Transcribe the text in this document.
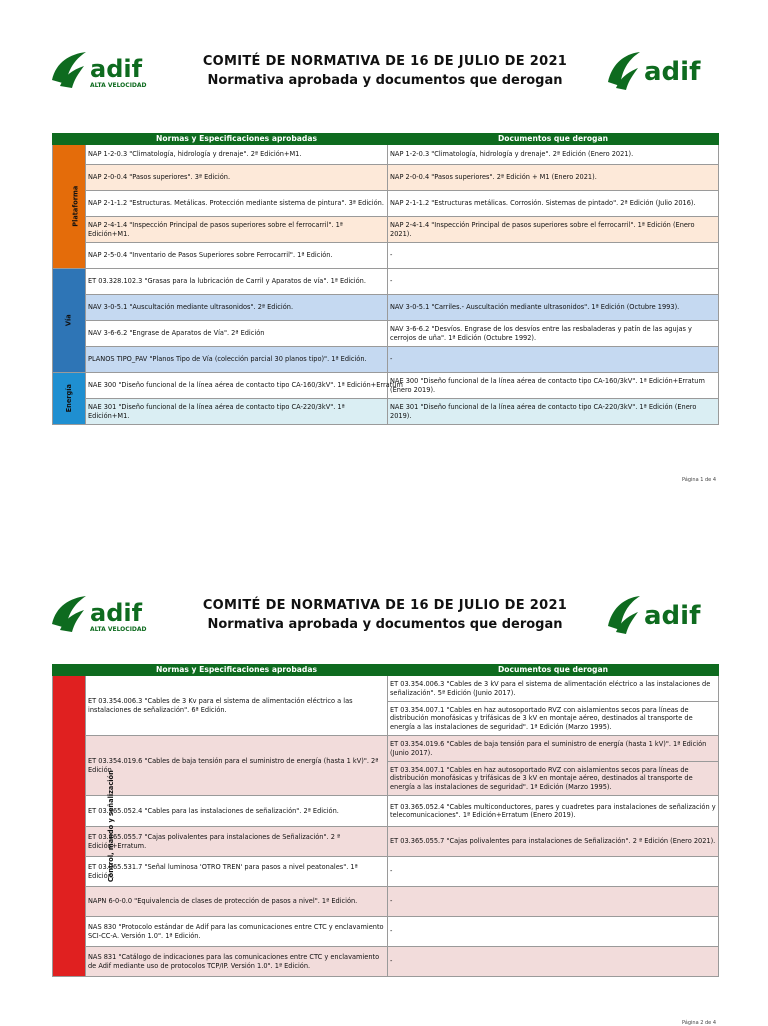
adif
ALTA VELOCIDAD
COMITÉ DE NORMATIVA DE 16 DE JULIO DE 2021
Normativa aprobada y documentos que derogan	adif
	Normas y Especificaciones aprobadas	Documentos que derogan
Plataforma	NAP 1-2-0.3 "Climatología, hidrología y drenaje". 2ª Edición+M1.	NAP 1-2-0.3 "Climatología, hidrología y drenaje". 2ª Edición (Enero 2021).
	NAP 2-0-0.4 "Pasos superiores". 3ª Edición.	NAP 2-0-0.4 "Pasos superiores". 2ª Edición + M1 (Enero 2021).
	NAP 2-1-1.2 "Estructuras. Metálicas. Protección mediante sistema de pintura". 3ª Edición.	NAP 2-1-1.2 "Estructuras metálicas. Corrosión. Sistemas de pintado". 2ª Edición (Julio 2016).
	NAP 2-4-1.4 "Inspección Principal de pasos superiores sobre el ferrocarril". 1ª Edición+M1.	NAP 2-4-1.4 "Inspección Principal de pasos superiores sobre el ferrocarril". 1ª Edición (Enero 2021).
	NAP 2-5-0.4 "Inventario de Pasos Superiores sobre Ferrocarril". 1ª Edición.	-
Vía	ET 03.328.102.3 "Grasas para la lubricación de Carril y Aparatos de vía". 1ª Edición.	-
	NAV 3-0-5.1 "Auscultación mediante ultrasonidos". 2ª Edición.	NAV 3-0-5.1 "Carriles.- Auscultación mediante ultrasonidos". 1ª Edición (Octubre 1993).
	NAV 3-6-6.2 "Engrase de Aparatos de Vía". 2ª Edición	NAV 3-6-6.2 "Desvíos. Engrase de los desvíos entre las resbaladeras y patín de las agujas y cerrojos de uña". 1ª Edición (Octubre 1992).
	PLANOS TIPO_PAV "Planos Tipo de Vía (colección parcial 30 planos tipo)". 1ª Edición.	-
Energía	NAE 300 "Diseño funcional de la línea aérea de contacto tipo CA-160/3kV". 1ª Edición+Erratum	NAE 300 "Diseño funcional de la línea aérea de contacto tipo CA-160/3kV". 1ª Edición+Erratum (Enero 2019).
	NAE 301 "Diseño funcional de la línea aérea de contacto tipo CA-220/3kV". 1ª Edición+M1.	NAE 301 "Diseño funcional de la línea aérea de contacto tipo CA-220/3kV". 1ª Edición (Enero 2019).
Página 1 de 4
adif
ALTA VELOCIDAD
COMITÉ DE NORMATIVA DE 16 DE JULIO DE 2021
Normativa aprobada y documentos que derogan	adif
	Normas y Especificaciones aprobadas	Documentos que derogan
Control, mando y señalización	ET 03.354.006.3 "Cables de 3 Kv para el sistema de alimentación eléctrico a las instalaciones de señalización". 6ª Edición.	ET 03.354.006.3 "Cables de 3 kV para el sistema de alimentación eléctrico a las instalaciones de señalización". 5ª Edición (Junio 2017).
		ET 03.354.007.1 "Cables en haz autosoportado RVZ con aislamientos secos para líneas de distribución monofásicas y trifásicas de 3 kV en montaje aéreo, destinados al transporte de energía a las instalaciones de seguridad". 1ª Edición (Marzo 1995).
	ET 03.354.019.6 "Cables de baja tensión para el suministro de energía (hasta 1 kV)". 2ª Edición	ET 03.354.019.6 "Cables de baja tensión para el suministro de energía (hasta 1 kV)". 1ª Edición (Junio 2017).
		ET 03.354.007.1 "Cables en haz autosoportado RVZ con aislamientos secos para líneas de distribución monofásicas y trifásicas de 3 kV en montaje aéreo, destinados al transporte de energía a las instalaciones de seguridad". 1ª Edición (Marzo 1995).
	ET 03.365.052.4 "Cables para las instalaciones de señalización". 2ª Edición.	ET 03.365.052.4 "Cables multiconductores, pares y cuadretes para instalaciones de señalización y telecomunicaciones". 1ª Edición+Erratum (Enero 2019).
	ET 03.365.055.7 "Cajas polivalentes para instalaciones de Señalización". 2 ª Edición+Erratum.	ET 03.365.055.7 "Cajas polivalentes para instalaciones de Señalización". 2 ª Edición (Enero 2021).
	ET 03.365.531.7 "Señal luminosa 'OTRO TREN' para pasos a nivel peatonales". 1ª Edición.	-
	NAPN 6-0-0.0 "Equivalencia de clases de protección de pasos a nivel". 1ª Edición.	-
	NAS 830 "Protocolo estándar de Adif para las comunicaciones entre CTC y enclavamiento SCI-CC-A. Versión 1.0". 1ª Edición.	-
	NAS 831 "Catálogo de indicaciones para las comunicaciones entre CTC y enclavamiento de Adif mediante uso de protocolos TCP/IP. Versión 1.0". 1ª Edición.	-
Página 2 de 4
